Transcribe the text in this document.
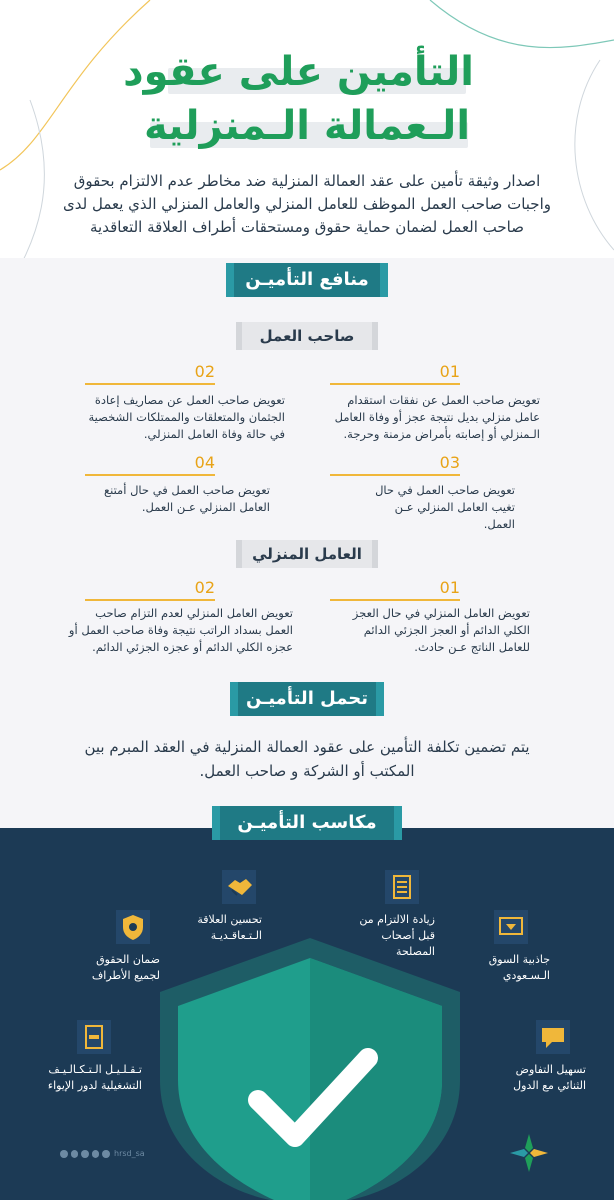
التأمين على عقود
الـعمالة الـمنزلية

اصدار وثيقة تأمين على عقد العمالة المنزلية ضد مخاطر عدم الالتزام بحقوق واجبات صاحب العمل الموظف للعامل المنزلي والعامل المنزلي الذي يعمل لدى صاحب العمل لضمان حماية حقوق ومستحقات أطراف العلاقة التعاقدية

منافع التأميـن
صاحب العمل
01

تعويض صاحب العمل عن نفقات استقدام عامل منزلي بديل نتيجة عجز أو وفاة العامل الـمنزلي أو إصابته بأمراض مزمنة وحرجة.

02

تعويض صاحب العمل عن مصاريف إعادة الجثمان والمتعلقات والممتلكات الشخصية في حالة وفاة العامل المنزلي.

03

تعويض صاحب العمل في حال تغيب العامل المنزلي عـن العمل.

04

تعويض صاحب العمل في حال أمتنع العامل المنزلي عـن العمل.

العامل المنزلي
01

تعويض العامل المنزلي في حال العجز الكلي الدائم أو العجز الجزئي الدائم للعامل الناتج عـن حادث.

02

تعويض العامل المنزلي لعدم التزام صاحب العمل بسداد الراتب نتيجة وفاة صاحب العمل أو عجزه الكلي الدائم أو عجزه الجزئي الدائم.

تحمل التأميـن

يتم تضمين تكلفة التأمين على عقود العمالة المنزلية في العقد المبرم بين المكتب أو الشركة و صاحب العمل.

مكاسب التأميـن
تحسين العلاقة الـتـعاقـديـة
زيادة الالتزام من قبل أصحاب المصلحة
ضمان الحقوق لجميع الأطراف
جاذبية السوق الـسـعودي
تـقـلـيـل الـتـكـالـيـف التشغيلية لدور الإيواء
تسهيل التفاوض الثنائي مع الدول
hrsd_sa
